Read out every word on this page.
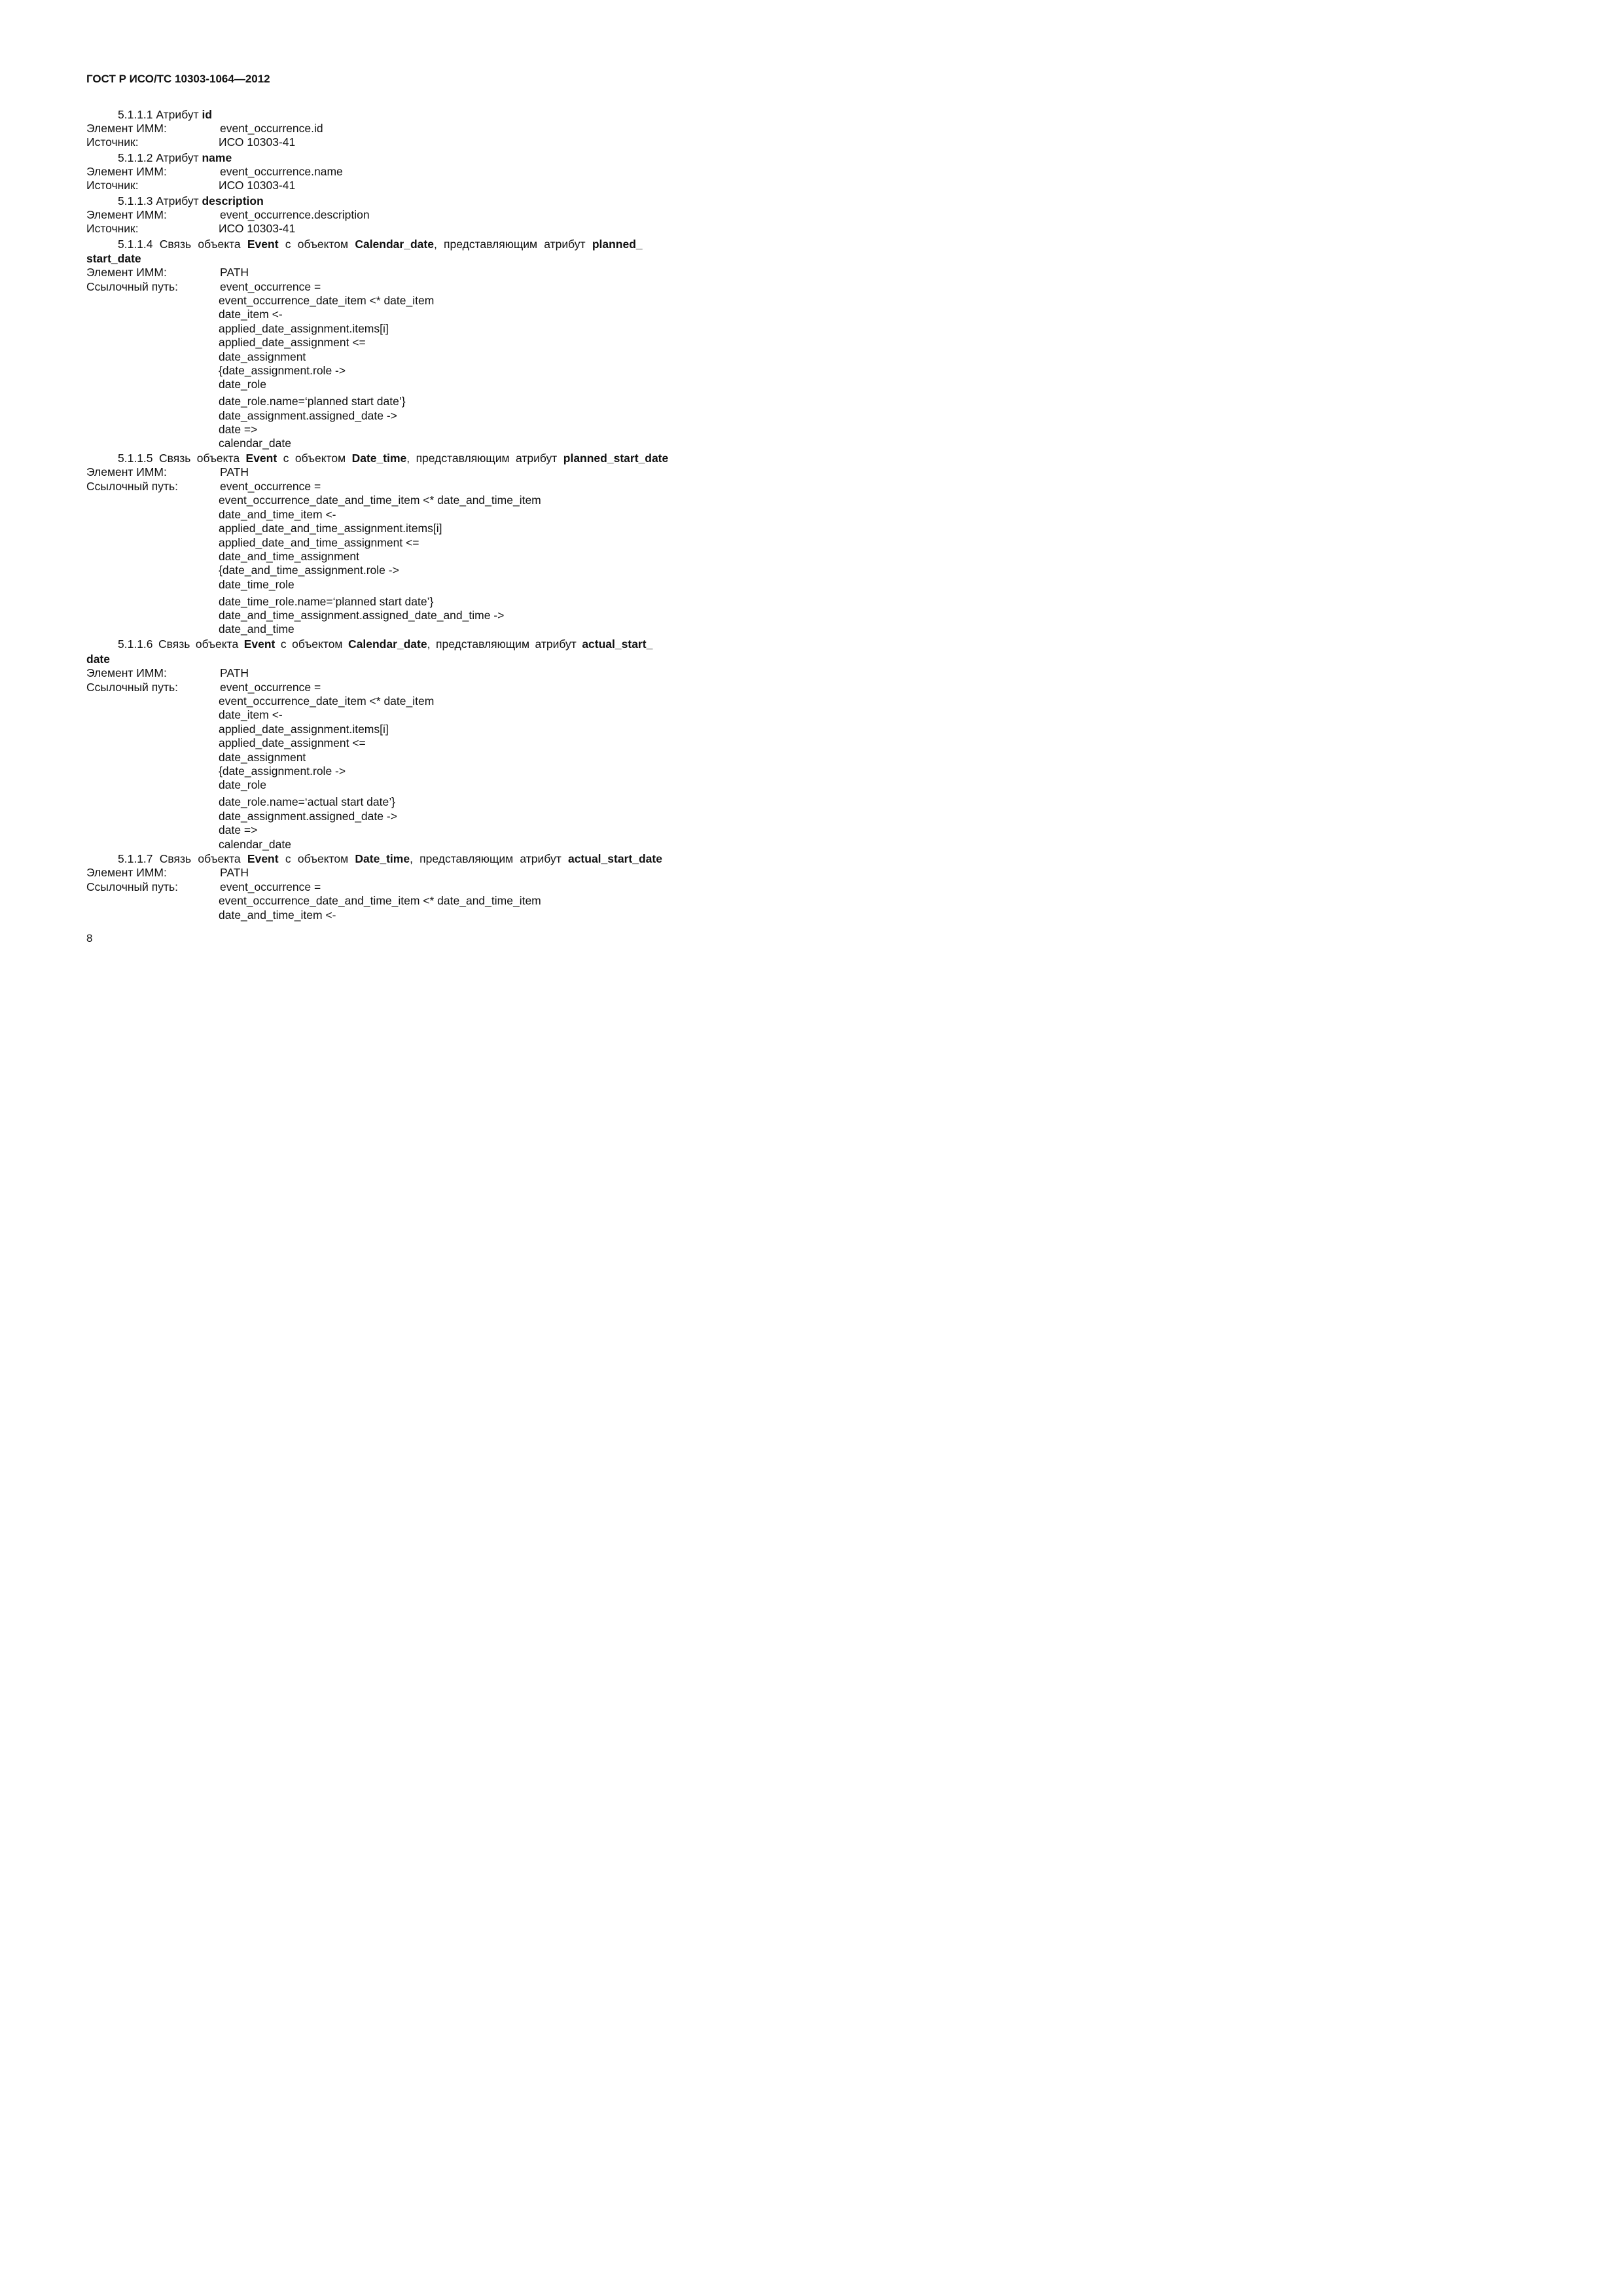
ГОСТ Р ИСО/ТС 10303-1064—2012
5.1.1.1 Атрибут id
Элемент ИММ:	event_occurrence.id
Источник:	ИСО 10303-41
5.1.1.2 Атрибут name
Элемент ИММ:	event_occurrence.name
Источник:	ИСО 10303-41
5.1.1.3 Атрибут description
Элемент ИММ:	event_occurrence.description
Источник:	ИСО 10303-41
5.1.1.4 Связь объекта Event с объектом Calendar_date, представляющим атрибут planned_
start_date
Элемент ИММ:	PATH
Ссылочный путь:	event_occurrence =
event_occurrence_date_item <* date_item
date_item <-
applied_date_assignment.items[i]
applied_date_assignment <=
date_assignment
{date_assignment.role ->
date_role
date_role.name=‘planned start date’}
date_assignment.assigned_date ->
date =>
calendar_date
5.1.1.5 Связь объекта Event с объектом Date_time, представляющим атрибут planned_start_date
Элемент ИММ:	PATH
Ссылочный путь:	event_occurrence =
event_occurrence_date_and_time_item <* date_and_time_item
date_and_time_item <-
applied_date_and_time_assignment.items[i]
applied_date_and_time_assignment <=
date_and_time_assignment
{date_and_time_assignment.role ->
date_time_role
date_time_role.name=‘planned start date’}
date_and_time_assignment.assigned_date_and_time ->
date_and_time
5.1.1.6 Связь объекта Event с объектом Calendar_date, представляющим атрибут actual_start_
date
Элемент ИММ:	PATH
Ссылочный путь:	event_occurrence =
event_occurrence_date_item <* date_item
date_item <-
applied_date_assignment.items[i]
applied_date_assignment <=
date_assignment
{date_assignment.role ->
date_role
date_role.name=‘actual start date’}
date_assignment.assigned_date ->
date =>
calendar_date
5.1.1.7 Связь объекта Event с объектом Date_time, представляющим атрибут actual_start_date
Элемент ИММ:	PATH
Ссылочный путь:	event_occurrence =
event_occurrence_date_and_time_item <* date_and_time_item
date_and_time_item <-
8
